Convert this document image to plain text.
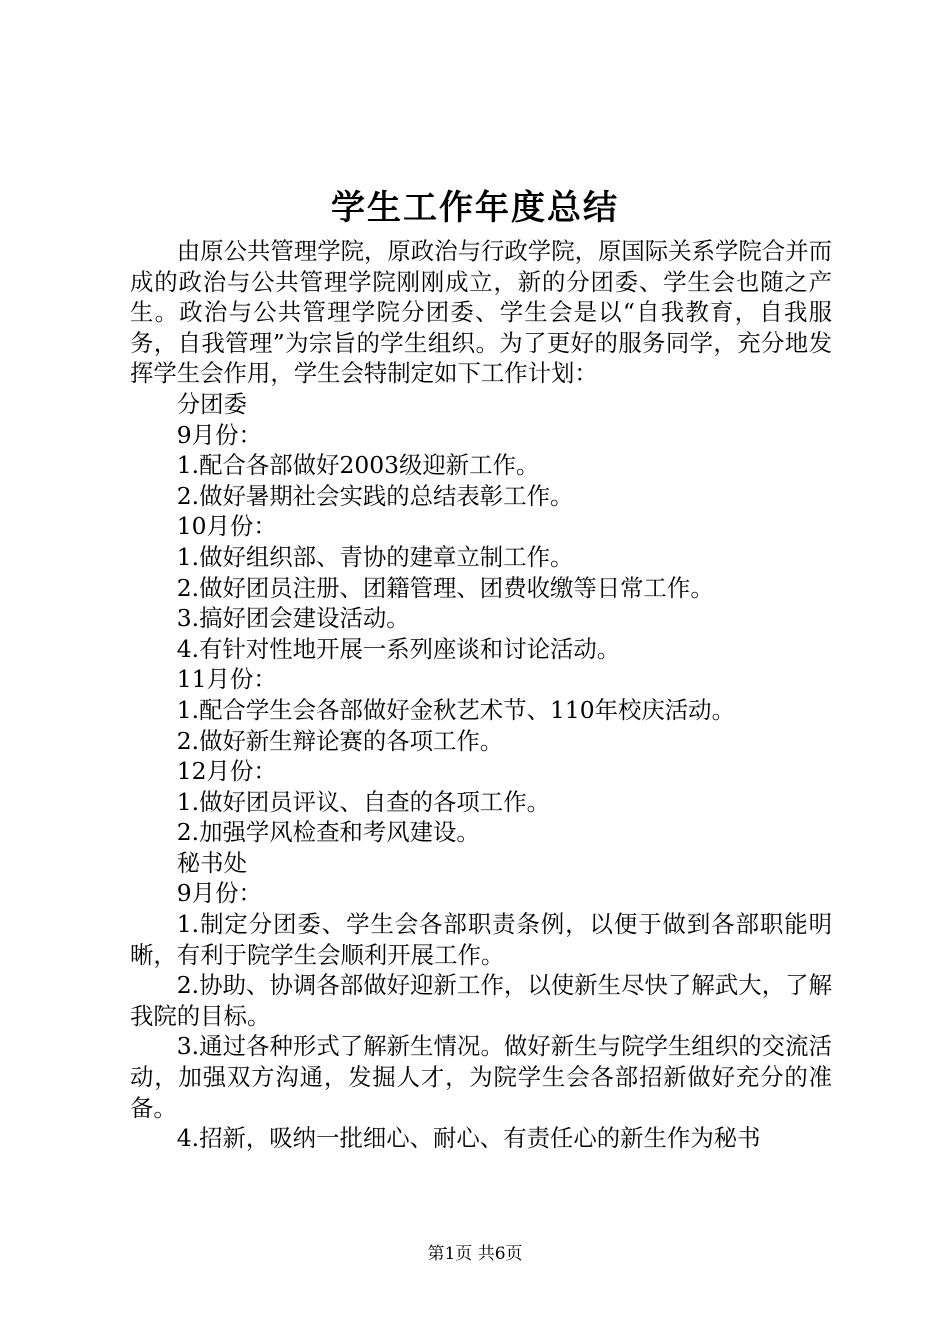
学生工作年度总结

由原公共管理学院，原政治与行政学院，原国际关系学院合并而成的政治与公共管理学院刚刚成立，新的分团委、学生会也随之产生。政治与公共管理学院分团委、学生会是以“自我教育，自我服务，自我管理”为宗旨的学生组织。为了更好的服务同学，充分地发挥学生会作用，学生会特制定如下工作计划：

分团委

9月份：

1.配合各部做好2003级迎新工作。

2.做好暑期社会实践的总结表彰工作。

10月份：

1.做好组织部、青协的建章立制工作。

2.做好团员注册、团籍管理、团费收缴等日常工作。

3.搞好团会建设活动。

4.有针对性地开展一系列座谈和讨论活动。

11月份：

1.配合学生会各部做好金秋艺术节、110年校庆活动。

2.做好新生辩论赛的各项工作。

12月份：

1.做好团员评议、自查的各项工作。

2.加强学风检查和考风建设。

秘书处

9月份：

1.制定分团委、学生会各部职责条例，以便于做到各部职能明晰，有利于院学生会顺利开展工作。

2.协助、协调各部做好迎新工作，以使新生尽快了解武大，了解我院的目标。

3.通过各种形式了解新生情况。做好新生与院学生组织的交流活动，加强双方沟通，发掘人才，为院学生会各部招新做好充分的准备。

4.招新，吸纳一批细心、耐心、有责任心的新生作为秘书

第1页 共6页
